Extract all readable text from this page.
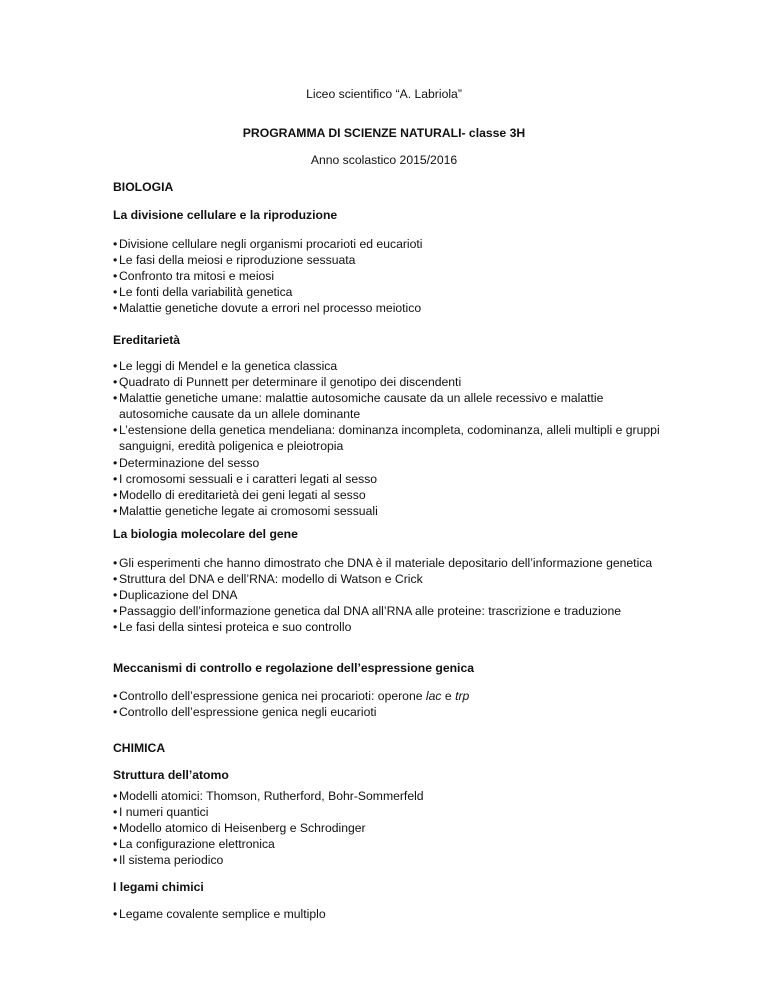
Liceo scientifico “A. Labriola”
PROGRAMMA DI SCIENZE NATURALI- classe 3H
Anno scolastico 2015/2016
BIOLOGIA
La divisione cellulare e la riproduzione
• Divisione cellulare negli organismi procarioti ed eucarioti
• Le fasi della meiosi e riproduzione sessuata
• Confronto tra mitosi e meiosi
• Le fonti della variabilità genetica
• Malattie genetiche dovute a errori nel processo meiotico
Ereditarietà
• Le leggi di Mendel e la genetica classica
• Quadrato di Punnett per determinare il genotipo dei discendenti
• Malattie genetiche umane: malattie autosomiche causate da un allele recessivo e malattie autosomiche causate da un allele dominante
• L’estensione della genetica mendeliana: dominanza incompleta, codominanza, alleli multipli e gruppi sanguigni, eredità poligenica e pleiotropia
• Determinazione del sesso
• I cromosomi sessuali e i caratteri legati al sesso
• Modello di ereditarietà dei geni legati al sesso
• Malattie genetiche legate ai cromosomi sessuali
La biologia molecolare del gene
• Gli esperimenti che hanno dimostrato che DNA è il materiale depositario dell’informazione genetica
• Struttura del DNA e dell’RNA: modello di Watson e Crick
• Duplicazione del DNA
• Passaggio dell’informazione genetica dal DNA all’RNA alle proteine: trascrizione e traduzione
• Le fasi della sintesi proteica e suo controllo
Meccanismi di controllo e regolazione dell’espressione genica
• Controllo dell’espressione genica nei procarioti: operone lac e trp
• Controllo dell’espressione genica negli eucarioti
CHIMICA
Struttura dell’atomo
• Modelli atomici: Thomson, Rutherford, Bohr-Sommerfeld
• I numeri quantici
• Modello atomico di Heisenberg e Schrodinger
• La configurazione elettronica
• Il sistema periodico
I legami chimici
• Legame covalente semplice e multiplo
